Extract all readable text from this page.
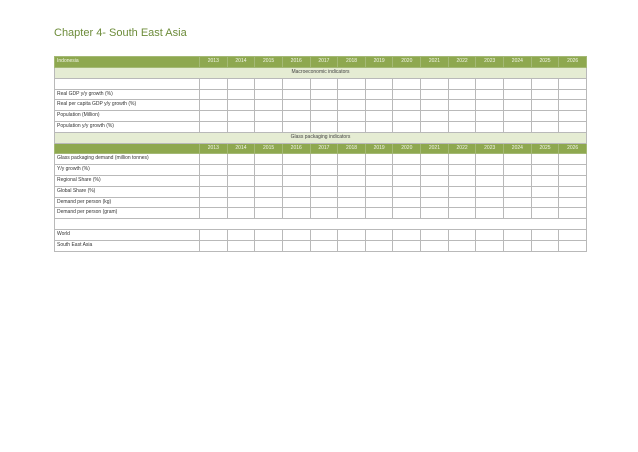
Chapter 4- South East Asia
Indonesia	2013	2014	2015	2016	2017	2018	2019	2020	2021	2022	2023	2024	2025	2026
Macroeconomic indicators														

Real GDP y/y growth (%)														
Real per capita GDP y/y growth (%)														
Population (Million)														
Population y/y growth (%)														
Glass packaging indicators														
	2013	2014	2015	2016	2017	2018	2019	2020	2021	2022	2023	2024	2025	2026
Glass packaging demand (million tonnes)														
Y/y growth (%)														
Regional Share (%)														
Global Share (%)														
Demand per person (kg)														
Demand per person (gram)														

World														
South East Asia														
